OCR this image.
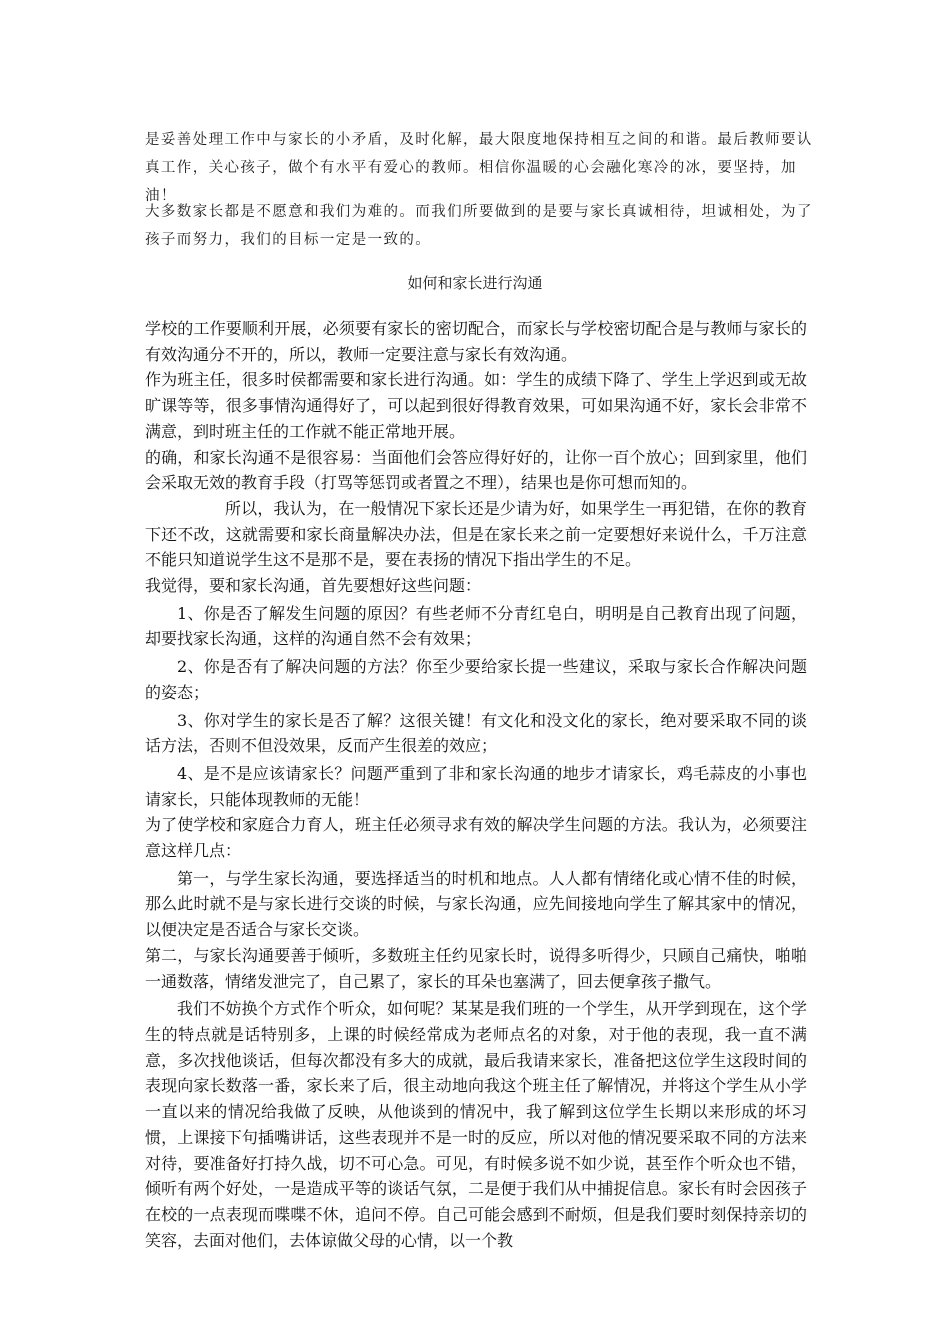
是妥善处理工作中与家长的小矛盾，及时化解，最大限度地保持相互之间的和谐。最后教师要认真工作，关心孩子，做个有水平有爱心的教师。相信你温暖的心会融化寒冷的冰，要坚持，加油！
大多数家长都是不愿意和我们为难的。而我们所要做到的是要与家长真诚相待，坦诚相处，为了孩子而努力，我们的目标一定是一致的。
如何和家长进行沟通

学校的工作要顺利开展，必须要有家长的密切配合，而家长与学校密切配合是与教师与家长的有效沟通分不开的，所以，教师一定要注意与家长有效沟通。

作为班主任，很多时侯都需要和家长进行沟通。如：学生的成绩下降了、学生上学迟到或无故旷课等等，很多事情沟通得好了，可以起到很好得教育效果，可如果沟通不好，家长会非常不满意，到时班主任的工作就不能正常地开展。

的确，和家长沟通不是很容易：当面他们会答应得好好的，让你一百个放心；回到家里，他们会采取无效的教育手段（打骂等惩罚或者置之不理），结果也是你可想而知的。

所以，我认为，在一般情况下家长还是少请为好，如果学生一再犯错，在你的教育下还不改，这就需要和家长商量解决办法，但是在家长来之前一定要想好来说什么，千万注意不能只知道说学生这不是那不是，要在表扬的情况下指出学生的不足。

我觉得，要和家长沟通，首先要想好这些问题：

1、你是否了解发生问题的原因？有些老师不分青红皂白，明明是自己教育出现了问题，却要找家长沟通，这样的沟通自然不会有效果；

2、你是否有了解决问题的方法？你至少要给家长提一些建议，采取与家长合作解决问题的姿态；

3、你对学生的家长是否了解？这很关键！有文化和没文化的家长，绝对要采取不同的谈话方法，否则不但没效果，反而产生很差的效应；

4、是不是应该请家长？问题严重到了非和家长沟通的地步才请家长，鸡毛蒜皮的小事也请家长，只能体现教师的无能！

为了使学校和家庭合力育人，班主任必须寻求有效的解决学生问题的方法。我认为，必须要注意这样几点：

第一，与学生家长沟通，要选择适当的时机和地点。人人都有情绪化或心情不佳的时候，那么此时就不是与家长进行交谈的时候，与家长沟通，应先间接地向学生了解其家中的情况，以便决定是否适合与家长交谈。

第二，与家长沟通要善于倾听，多数班主任约见家长时，说得多听得少，只顾自己痛快，啪啪一通数落，情绪发泄完了，自己累了，家长的耳朵也塞满了，回去便拿孩子撒气。

我们不妨换个方式作个听众，如何呢？某某是我们班的一个学生，从开学到现在，这个学生的特点就是话特别多，上课的时候经常成为老师点名的对象，对于他的表现，我一直不满意，多次找他谈话，但每次都没有多大的成就，最后我请来家长，准备把这位学生这段时间的表现向家长数落一番，家长来了后，很主动地向我这个班主任了解情况，并将这个学生从小学一直以来的情况给我做了反映，从他谈到的情况中，我了解到这位学生长期以来形成的坏习惯，上课接下句插嘴讲话，这些表现并不是一时的反应，所以对他的情况要采取不同的方法来对待，要准备好打持久战，切不可心急。可见，有时候多说不如少说，甚至作个听众也不错，倾听有两个好处，一是造成平等的谈话气氛，二是便于我们从中捕捉信息。家长有时会因孩子在校的一点表现而喋喋不休，追问不停。自己可能会感到不耐烦，但是我们要时刻保持亲切的笑容，去面对他们，去体谅做父母的心情，以一个教
